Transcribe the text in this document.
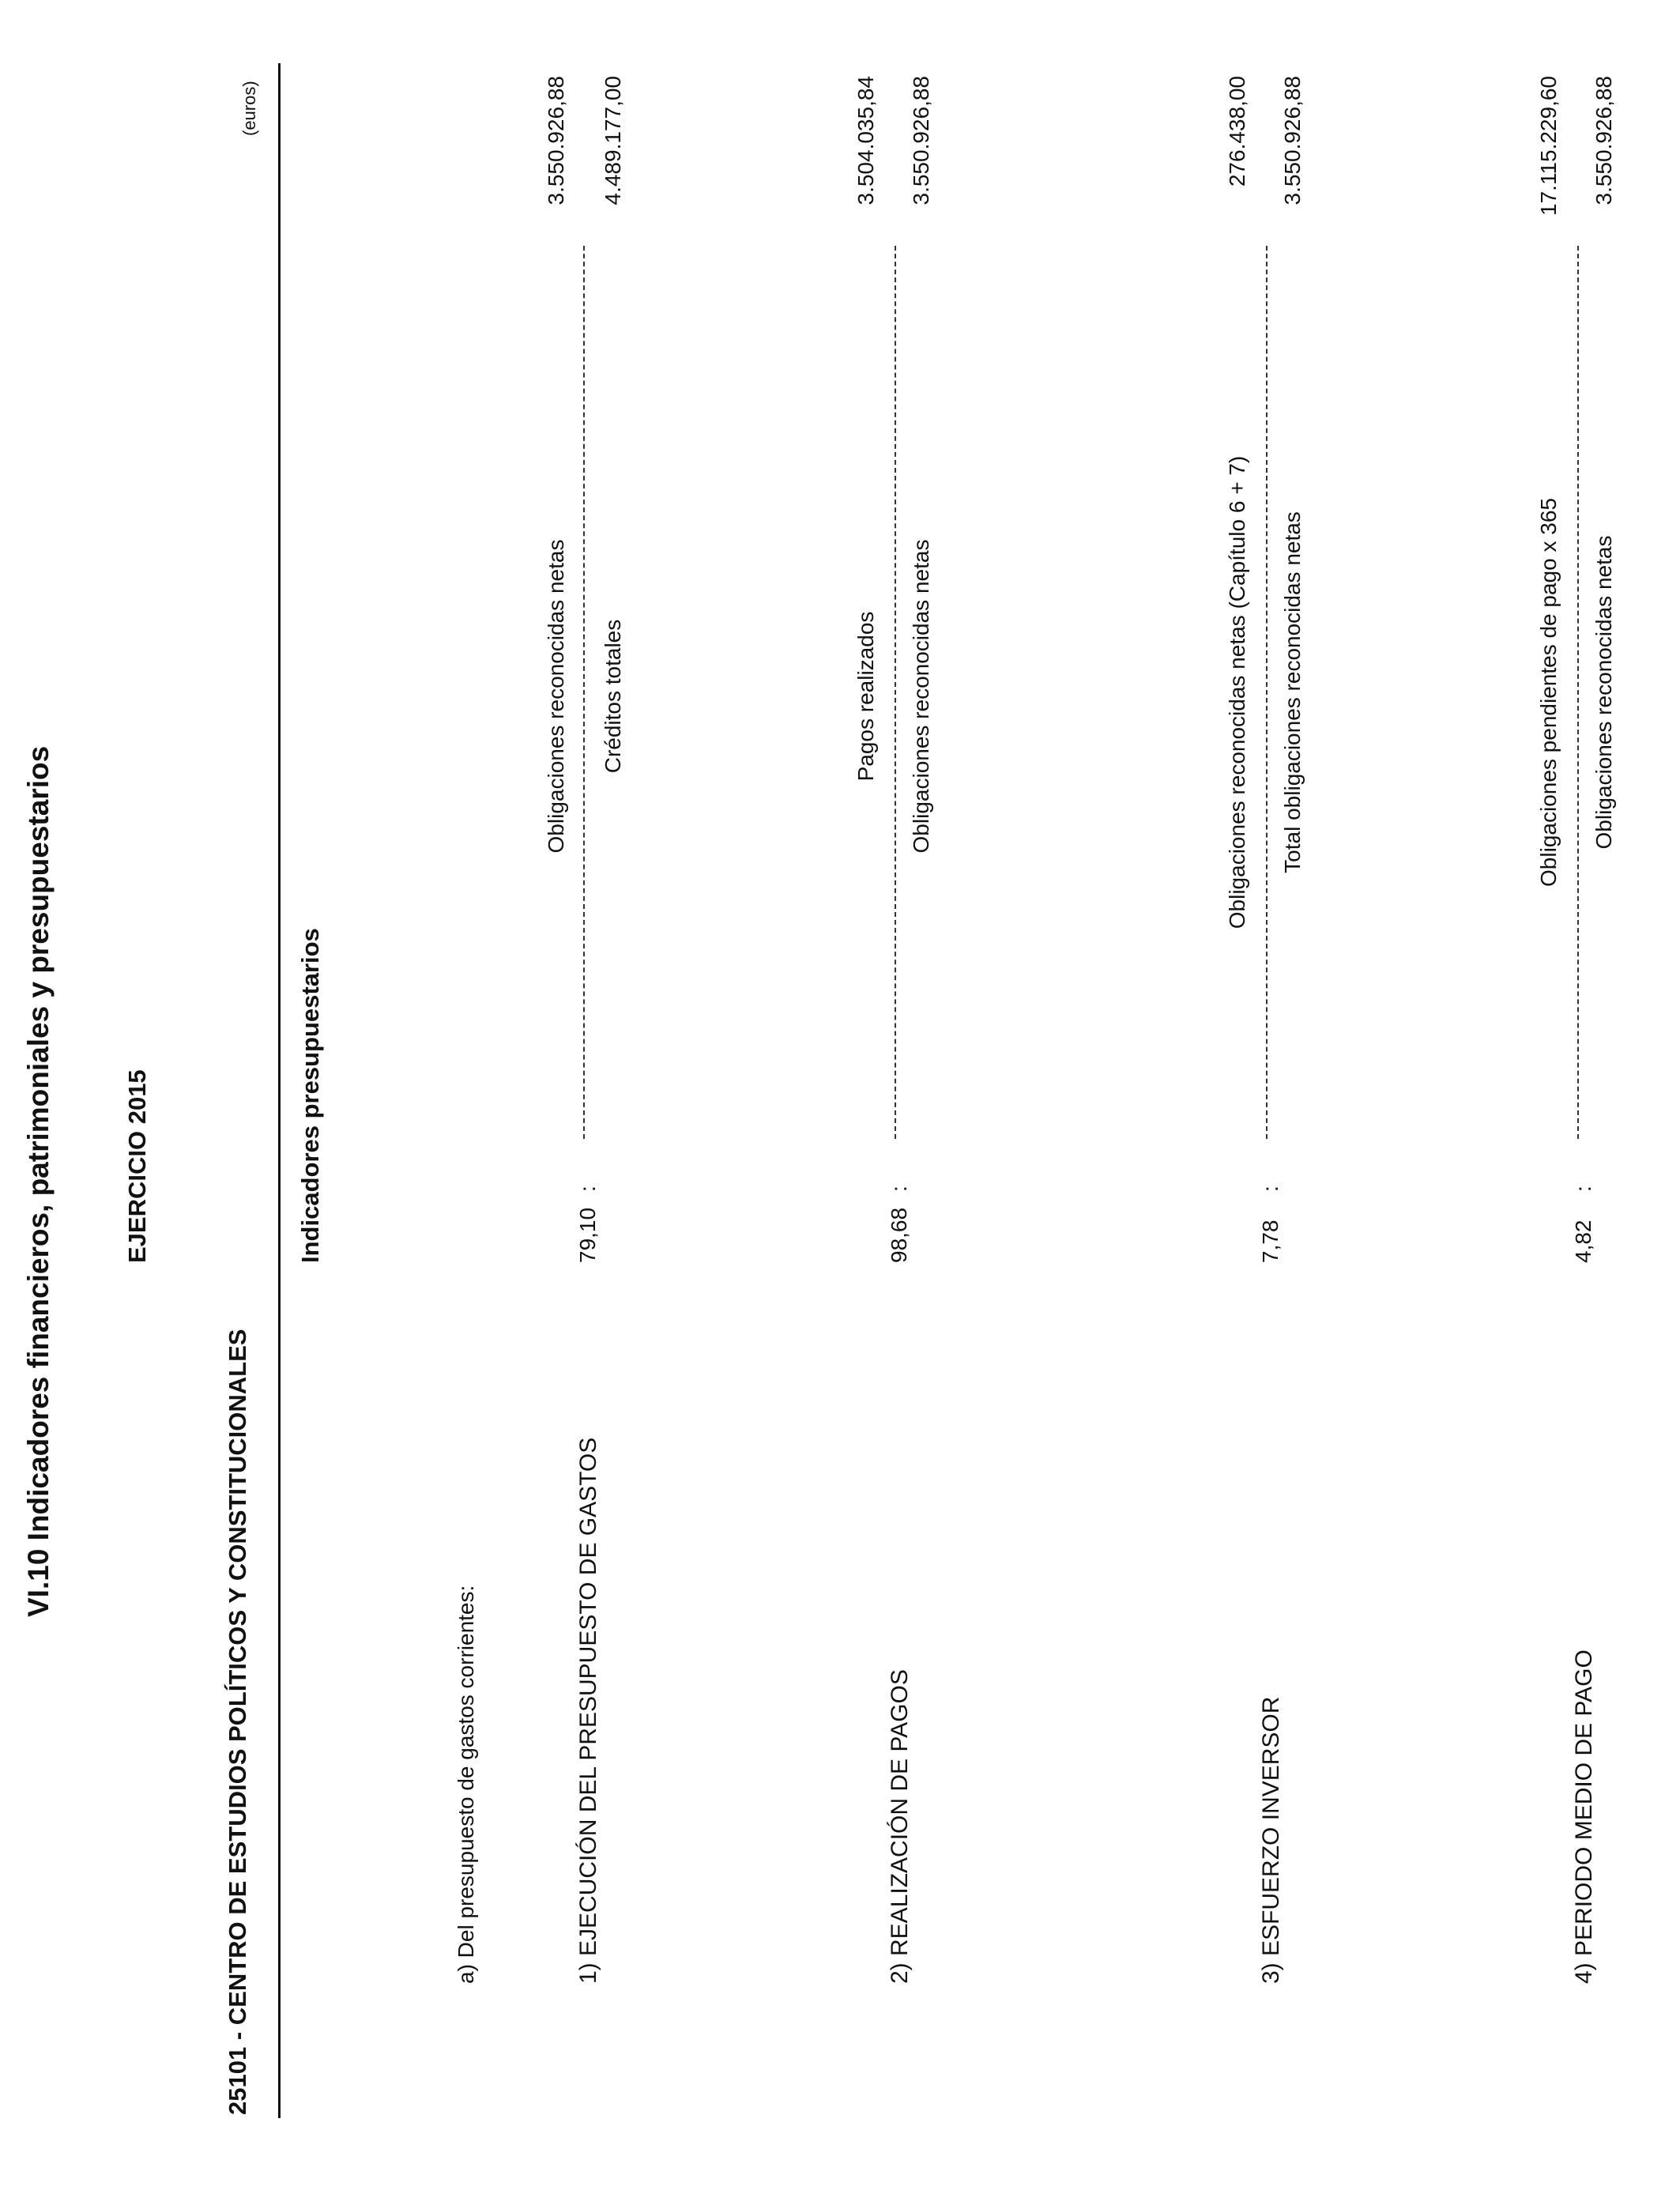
VI.10 Indicadores financieros, patrimoniales y presupuestarios
25101 - CENTRO DE ESTUDIOS POLÍTICOS Y CONSTITUCIONALES
(euros)
EJERCICIO 2015	Indicadores presupuestarios
a) Del presupuesto de gastos corrientes:	1) EJECUCIÓN DEL PRESUPUESTO DE GASTOS
79,10
:
Obligaciones reconocidas netas Créditos totales
3.550.926,88 4.489.177,00
2) REALIZACIÓN DE PAGOS
98,68
:
Pagos realizados Obligaciones reconocidas netas
3.504.035,84 3.550.926,88
3) ESFUERZO INVERSOR
7,78
:
Obligaciones reconocidas netas (Capítulo 6 + 7) Total obligaciones reconocidas netas
276.438,00 3.550.926,88
4) PERIODO MEDIO DE PAGO
4,82
:
Obligaciones pendientes de pago x 365 Obligaciones reconocidas netas
17.115.229,60 3.550.926,88
